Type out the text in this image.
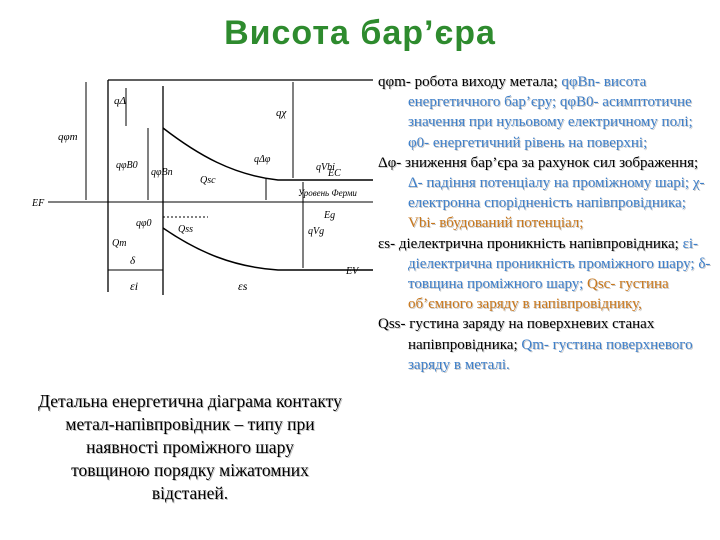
Висота бар’єра
qφm
qΔ
qχ
qφB0
qφBn
qΔφ
qVbi
Qsc
Qss
Qm
qφ0
qVg
EF
EC
EV
Уровень Ферми
δ
εi	εs
Eg
Детальна енергетична діаграма контакту
метал-напівпровідник – типу при
наявності проміжного шару
товщиною порядку міжатомних
відстаней.

qφm- робота виходу метала; qφBn- висота енергетичного бар’єру; qφB0- асимптотичне значення при нульовому електричному полі; φ0- енергетичний рівень на поверхні;

Δφ- зниження бар’єра за рахунок сил зображення; Δ- падіння потенціалу на проміжному шарі; χ- електронна спорідненість напівпровідника; Vbi- вбудований потенціал;

εs- діелектрична проникність напівпровідника; εi- діелектрична проникність проміжного шару; δ- товщина проміжного шару; Qsc- густина об’ємного заряду в напівпровіднику,

Qss- густина заряду на поверхневих станах напівпровідника; Qm- густина поверхневого заряду в металі.
